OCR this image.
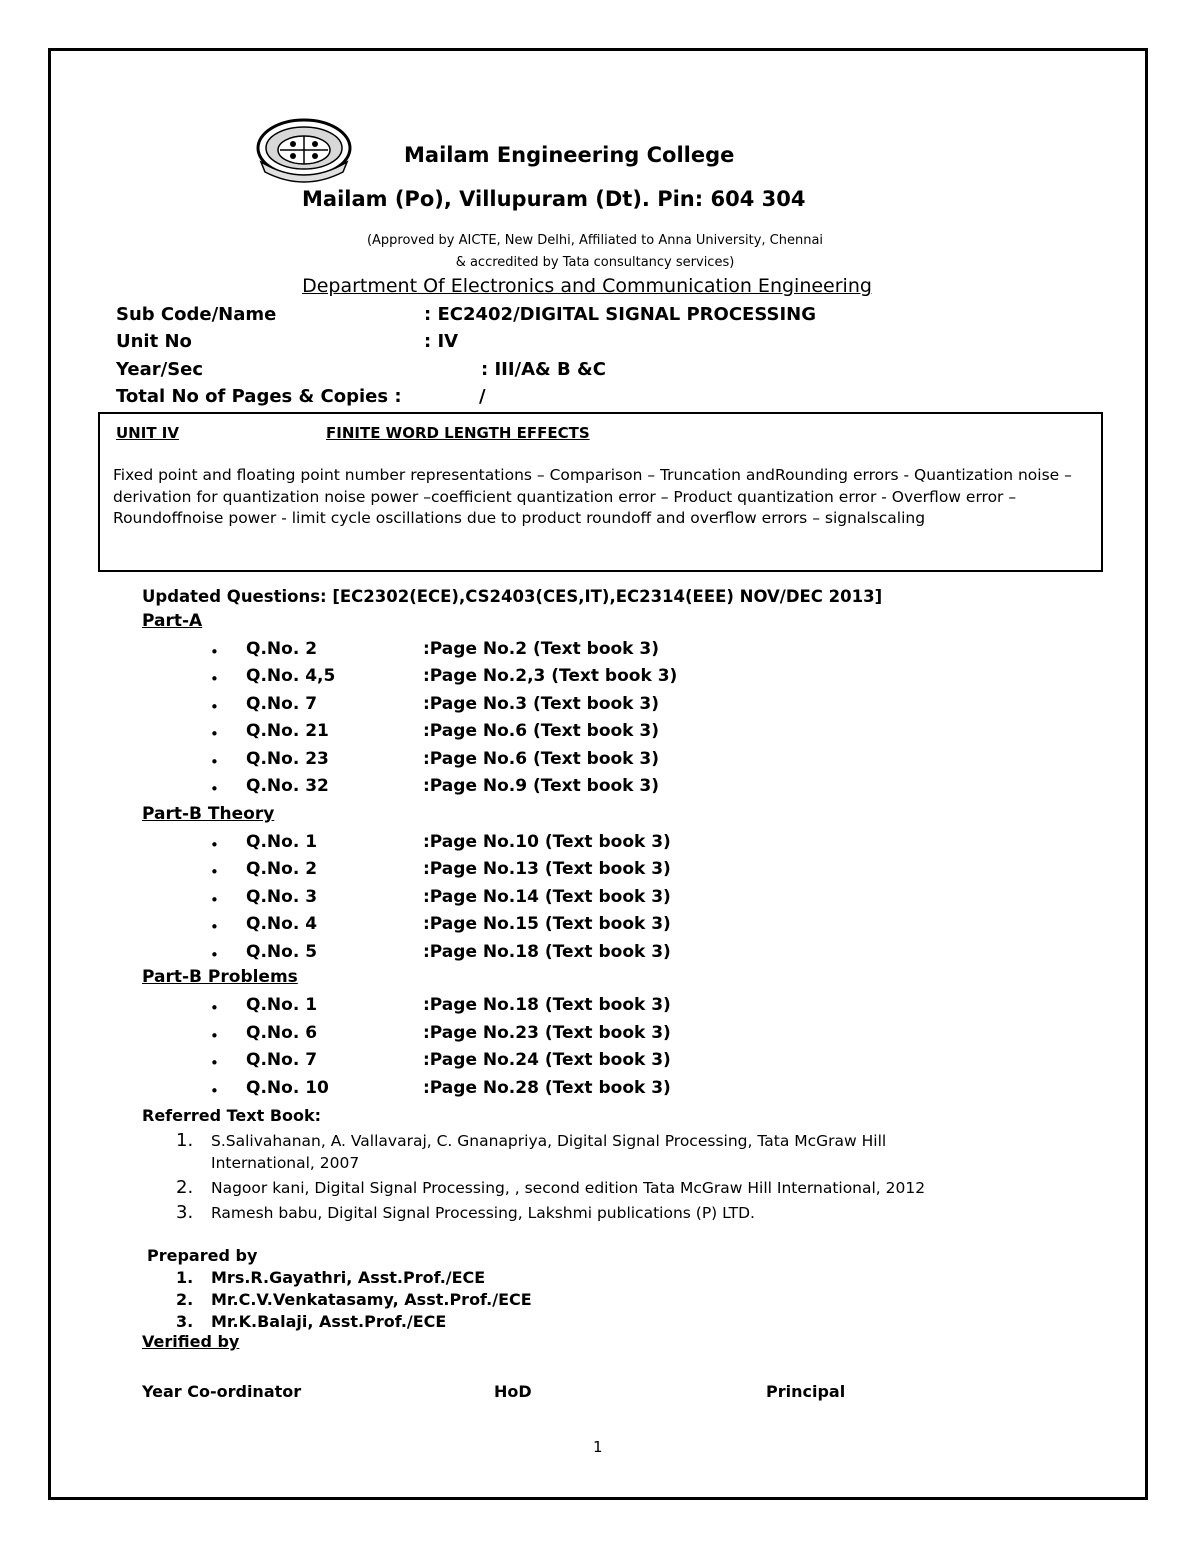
Mailam Engineering College
Mailam (Po), Villupuram (Dt). Pin: 604 304
(Approved by AICTE, New Delhi, Affiliated to Anna University, Chennai
& accredited by Tata consultancy services)
Department Of Electronics and Communication Engineering
Sub Code/Name	: EC2402/DIGITAL SIGNAL PROCESSING
Unit No	: IV
Year/Sec	: III/A& B &C
Total No of Pages & Copies :	/
UNIT IV	FINITE WORD LENGTH EFFECTS
Fixed point and floating point number representations – Comparison – Truncation andRounding errors - Quantization noise – derivation for quantization noise power –coefficient quantization error – Product quantization error - Overflow error – Roundoffnoise power - limit cycle oscillations due to product roundoff and overflow errors – signalscaling
Updated Questions: [EC2302(ECE),CS2403(CES,IT),EC2314(EEE) NOV/DEC 2013]
Part-A
• Q.No. 2	:Page No.2 (Text book 3)
• Q.No. 4,5	:Page No.2,3 (Text book 3)
• Q.No. 7	:Page No.3 (Text book 3)
• Q.No. 21	:Page No.6 (Text book 3)
• Q.No. 23	:Page No.6 (Text book 3)
• Q.No. 32	:Page No.9 (Text book 3)
Part-B Theory
• Q.No. 1	:Page No.10 (Text book 3)
• Q.No. 2	:Page No.13 (Text book 3)
• Q.No. 3	:Page No.14 (Text book 3)
• Q.No. 4	:Page No.15 (Text book 3)
• Q.No. 5	:Page No.18 (Text book 3)
Part-B Problems
• Q.No. 1	:Page No.18 (Text book 3)
• Q.No. 6	:Page No.23 (Text book 3)
• Q.No. 7	:Page No.24 (Text book 3)
• Q.No. 10	:Page No.28 (Text book 3)
Referred Text Book:
1. S.Salivahanan, A. Vallavaraj, C. Gnanapriya, Digital Signal Processing, Tata McGraw Hill
International, 2007
2. Nagoor kani, Digital Signal Processing, , second edition Tata McGraw Hill International, 2012
3. Ramesh babu, Digital Signal Processing, Lakshmi publications (P) LTD.
Prepared by
1. Mrs.R.Gayathri, Asst.Prof./ECE
2. Mr.C.V.Venkatasamy, Asst.Prof./ECE
3. Mr.K.Balaji, Asst.Prof./ECE
Verified by
Year Co-ordinator	HoD	Principal
1
